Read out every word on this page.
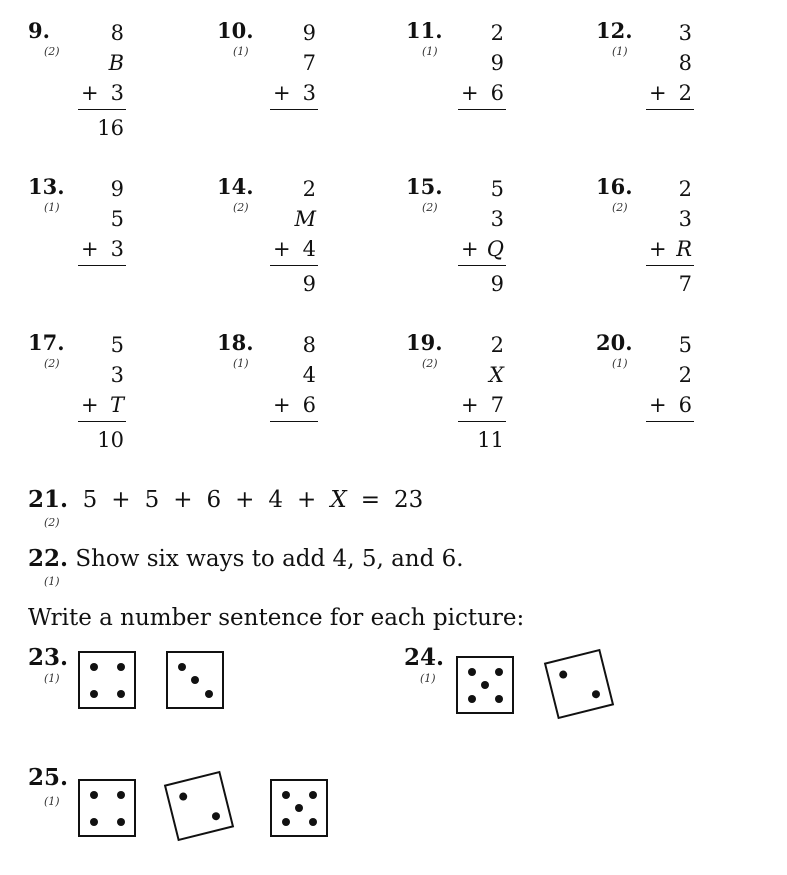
9.
(2)
8
B
+ 3
16
10.
(1)
9
7
+ 3
11.
(1)
2
9
+ 6
12.
(1)
3
8
+ 2
13.
(1)
9
5
+ 3
14.
(2)
2
M
+ 4
9
15.
(2)
5
3
+ Q
9
16.
(2)
2
3
+ R
7
17.
(2)
5
3
+ T
10
18.
(1)
8
4
+ 6
19.
(2)
2
X
+ 7
11
20.
(1)
5
2
+ 6
21. 5 + 5 + 6 + 4 + X = 23
(2)
22. Show six ways to add 4, 5, and 6.
(1)
Write a number sentence for each picture:
23.
(1)
24.
(1)
25.
(1)
